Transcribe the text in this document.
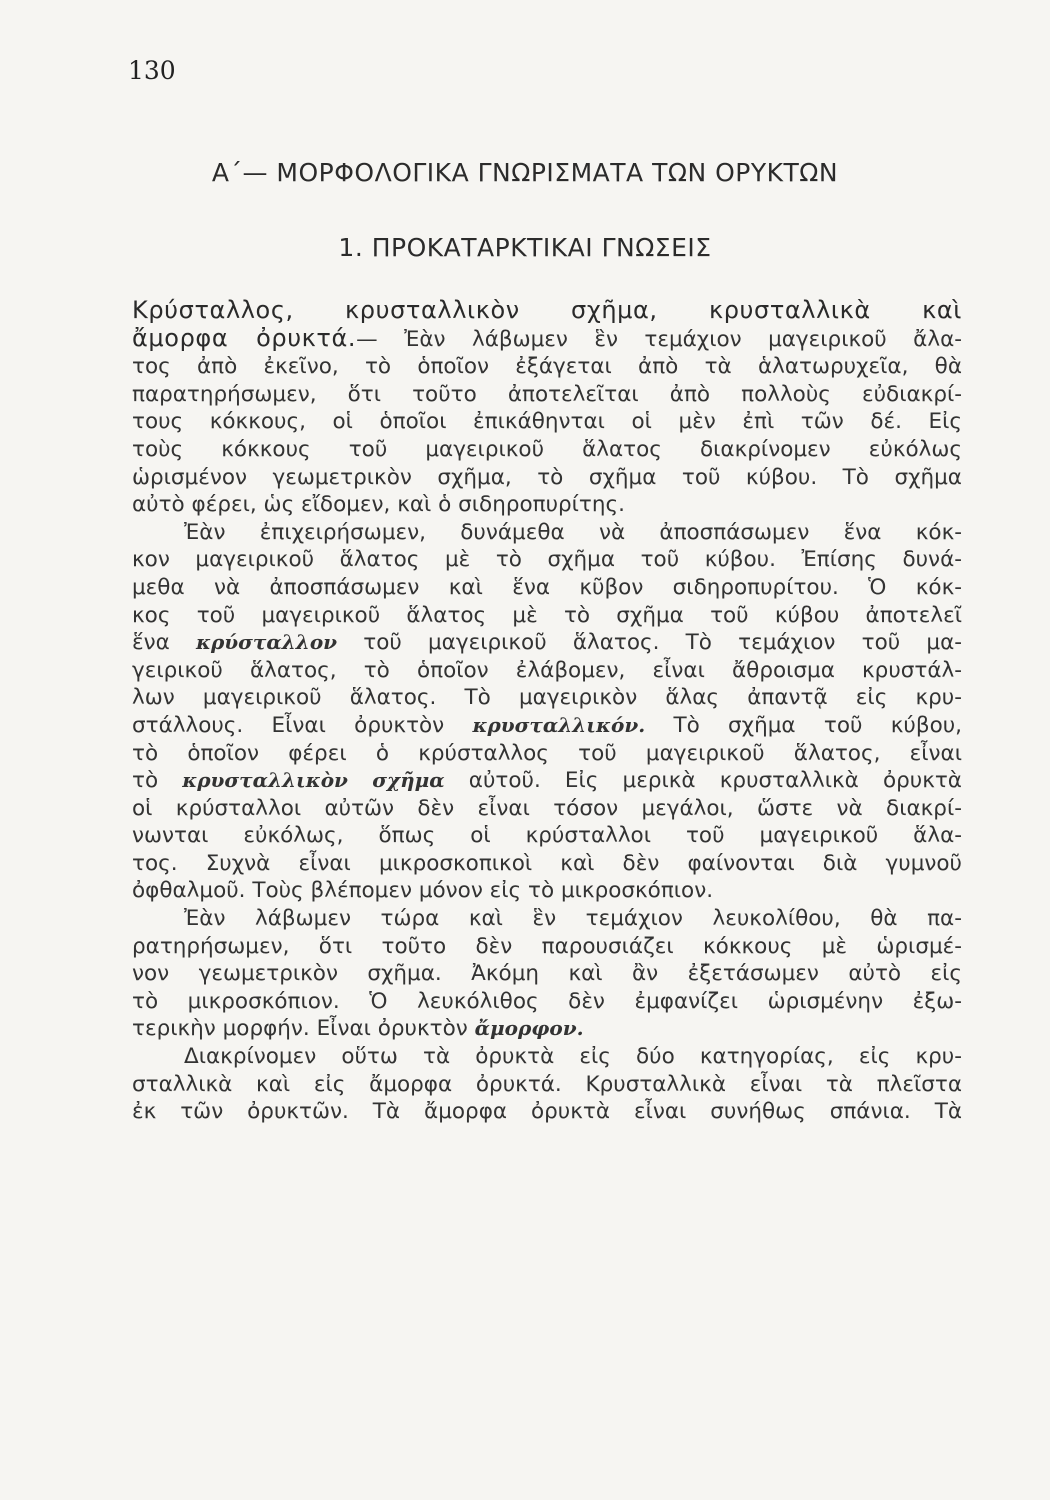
130
Α΄— ΜΟΡΦΟΛΟΓΙΚΑ ΓΝΩΡΙΣΜΑΤΑ ΤΩΝ ΟΡΥΚΤΩΝ
1. ΠΡΟΚΑΤΑΡΚΤΙΚΑΙ ΓΝΩΣΕΙΣ
Κρύσταλλος, κρυσταλλικὸν σχῆμα, κρυσταλλικὰ καὶ
ἄμορφα ὀρυκτά.— Ἐὰν λάβωμεν ἓν τεμάχιον μαγειρικοῦ ἄλα-
τος ἀπὸ ἐκεῖνο, τὸ ὁποῖον ἐξάγεται ἀπὸ τὰ ἁλατωρυχεῖα, θὰ
παρατηρήσωμεν, ὅτι τοῦτο ἀποτελεῖται ἀπὸ πολλοὺς εὐδιακρί-
τους κόκκους, οἱ ὁποῖοι ἐπικάθηνται οἱ μὲν ἐπὶ τῶν δέ. Εἰς
τοὺς κόκκους τοῦ μαγειρικοῦ ἅλατος διακρίνομεν εὐκόλως
ὡρισμένον γεωμετρικὸν σχῆμα, τὸ σχῆμα τοῦ κύβου. Τὸ σχῆμα
αὐτὸ φέρει, ὡς εἴδομεν, καὶ ὁ σιδηροπυρίτης.
Ἐὰν ἐπιχειρήσωμεν, δυνάμεθα νὰ ἀποσπάσωμεν ἕνα κόκ-
κον μαγειρικοῦ ἅλατος μὲ τὸ σχῆμα τοῦ κύβου. Ἐπίσης δυνά-
μεθα νὰ ἀποσπάσωμεν καὶ ἕνα κῦβον σιδηροπυρίτου. Ὁ κόκ-
κος τοῦ μαγειρικοῦ ἅλατος μὲ τὸ σχῆμα τοῦ κύβου ἀποτελεῖ
ἕνα κρύσταλλον τοῦ μαγειρικοῦ ἅλατος. Τὸ τεμάχιον τοῦ μα-
γειρικοῦ ἅλατος, τὸ ὁποῖον ἐλάβομεν, εἶναι ἄθροισμα κρυστάλ-
λων μαγειρικοῦ ἅλατος. Τὸ μαγειρικὸν ἅλας ἀπαντᾷ εἰς κρυ-
στάλλους. Εἶναι ὀρυκτὸν κρυσταλλικόν. Τὸ σχῆμα τοῦ κύβου,
τὸ ὁποῖον φέρει ὁ κρύσταλλος τοῦ μαγειρικοῦ ἅλατος, εἶναι
τὸ κρυσταλλικὸν σχῆμα αὐτοῦ. Εἰς μερικὰ κρυσταλλικὰ ὀρυκτὰ
οἱ κρύσταλλοι αὐτῶν δὲν εἶναι τόσον μεγάλοι, ὥστε νὰ διακρί-
νωνται εὐκόλως, ὅπως οἱ κρύσταλλοι τοῦ μαγειρικοῦ ἅλα-
τος. Συχνὰ εἶναι μικροσκοπικοὶ καὶ δὲν φαίνονται διὰ γυμνοῦ
ὀφθαλμοῦ. Τοὺς βλέπομεν μόνον εἰς τὸ μικροσκόπιον.
Ἐὰν λάβωμεν τώρα καὶ ἓν τεμάχιον λευκολίθου, θὰ πα-
ρατηρήσωμεν, ὅτι τοῦτο δὲν παρουσιάζει κόκκους μὲ ὡρισμέ-
νον γεωμετρικὸν σχῆμα. Ἀκόμη καὶ ἂν ἐξετάσωμεν αὐτὸ εἰς
τὸ μικροσκόπιον. Ὁ λευκόλιθος δὲν ἐμφανίζει ὡρισμένην ἐξω-
τερικὴν μορφήν. Εἶναι ὀρυκτὸν ἄμορφον.
Διακρίνομεν οὕτω τὰ ὀρυκτὰ εἰς δύο κατηγορίας, εἰς κρυ-
σταλλικὰ καὶ εἰς ἄμορφα ὀρυκτά. Κρυσταλλικὰ εἶναι τὰ πλεῖστα
ἐκ τῶν ὀρυκτῶν. Τὰ ἄμορφα ὀρυκτὰ εἶναι συνήθως σπάνια. Τὰ
